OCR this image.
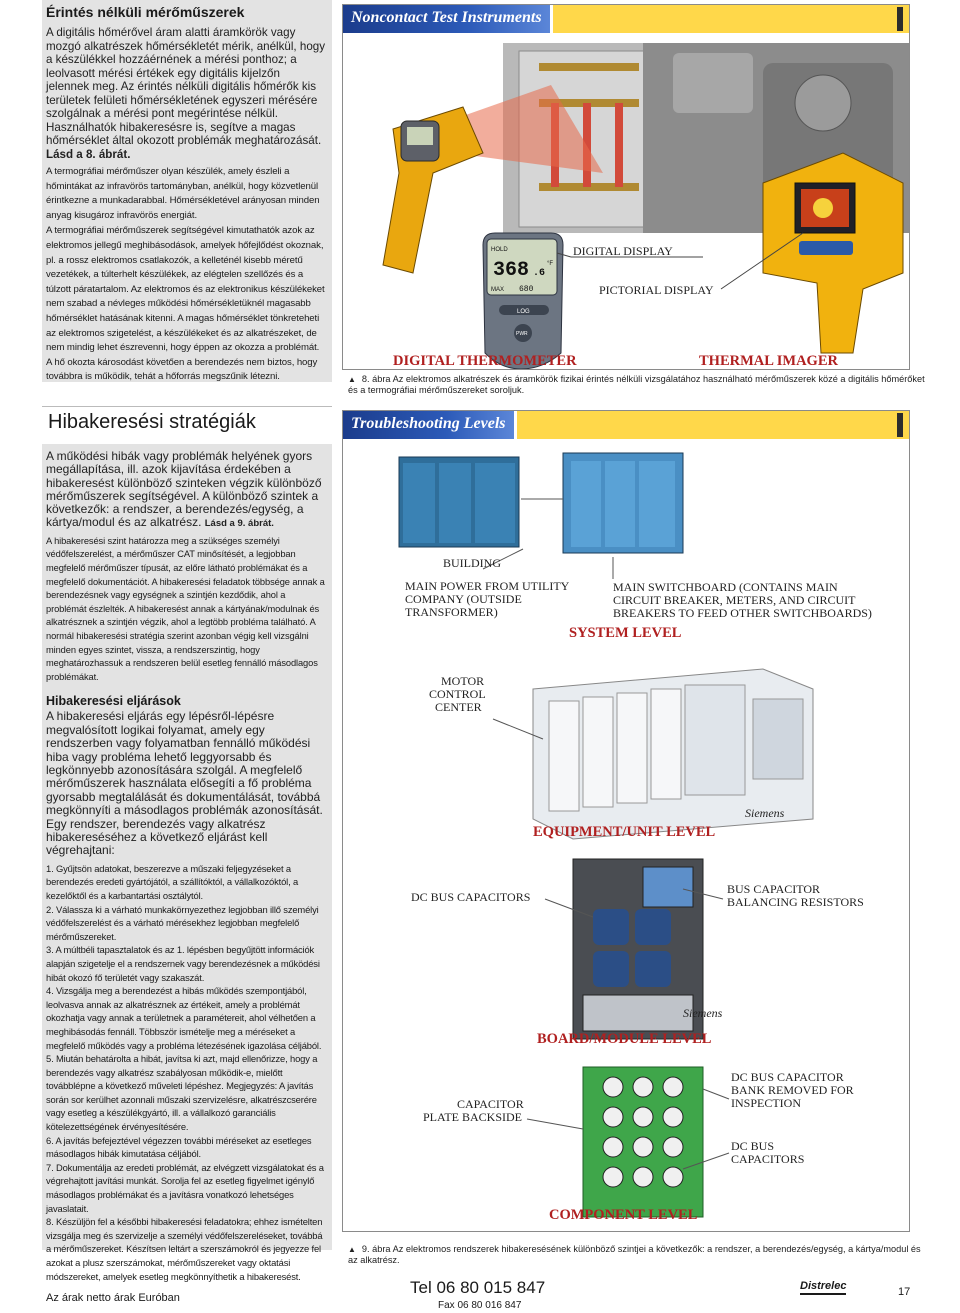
Érintés nélküli mérőműszerek

A digitális hőmérővel áram alatti áramkörök vagy mozgó alkatrészek hőmérsékletét mérik, anélkül, hogy a készülékkel hozzáérnének a mérési ponthoz; a leolvasott mérési értékek egy digitális kijelzőn jelennek meg. Az érintés nélküli digitális hőmérők kis területek felületi hőmérsékletének egyszeri mérésére szolgálnak a mérési pont megérintése nélkül. Használhatók hibakeresésre is, segítve a magas hőmérséklet által okozott problémák meghatározását. Lásd a 8. ábrát.

A termográfiai mérőműszer olyan készülék, amely észleli a hőmintákat az infravörös tartományban, anélkül, hogy közvetlenül érintkezne a munkadarabbal. Hőmérsékletével arányosan minden anyag kisugároz infravörös energiát.

A termográfiai mérőműszerek segítségével kimutathatók azok az elektromos jellegű meghibásodások, amelyek hőfejlődést okoznak, pl. a rossz elektromos csatlakozók, a kelleténél kisebb méretű vezetékek, a túlterhelt készülékek, az elégtelen szellőzés és a túlzott páratartalom. Az elektromos és az elektronikus készülékeket nem szabad a névleges működési hőmérsékletüknél magasabb hőmérséklet hatásának kitenni. A magas hőmérséklet tönkreteheti az elektromos szigetelést, a készülékeket és az alkatrészeket, de nem mindig lehet észrevenni, hogy éppen az okozza a problémát. A hő okozta károsodást követően a berendezés nem biztos, hogy továbbra is működik, tehát a hőforrás megszűnik létezni.

Hibakeresési stratégiák

A működési hibák vagy problémák helyének gyors megállapítása, ill. azok kijavítása érdekében a hibakeresést különböző szinteken végzik különböző mérőműszerek segítségével. A különböző szintek a következők: a rendszer, a berendezés/egység, a kártya/modul és az alkatrész. Lásd a 9. ábrát.

A hibakeresési szint határozza meg a szükséges személyi védőfelszerelést, a mérőműszer CAT minősítését, a legjobban megfelelő mérőműszer típusát, az előre látható problémákat és a megfelelő dokumentációt. A hibakeresési feladatok többsége annak a berendezésnek vagy egységnek a szintjén kezdődik, ahol a problémát észlelték. A hibakeresést annak a kártyának/modulnak és alkatrésznek a szintjén végzik, ahol a legtöbb probléma található. A normál hibakeresési stratégia szerint azonban végig kell vizsgálni minden egyes szintet, vissza, a rendszerszintig, hogy meghatározhassuk a rendszeren belül esetleg fennálló másodlagos problémákat.

Hibakeresési eljárások

A hibakeresési eljárás egy lépésről-lépésre megvalósított logikai folyamat, amely egy rendszerben vagy folyamatban fennálló működési hiba vagy probléma lehető leggyorsabb és legkönnyebb azonosítására szolgál. A megfelelő mérőműszerek használata elősegíti a fő probléma gyorsabb megtalálását és dokumentálását, továbbá megkönnyíti a másodlagos problémák azonosítását. Egy rendszer, berendezés vagy alkatrész hibakereséséhez a következő eljárást kell végrehajtani:

1. Gyűjtsön adatokat, beszerezve a műszaki feljegyzéseket a berendezés eredeti gyártójától, a szállítóktól, a vállalkozóktól, a kezelőktől és a karbantartási osztálytól.

2. Válassza ki a várható munkakörnyezethez legjobban illő személyi védőfelszerelést és a várható mérésekhez legjobban megfelelő mérőműszereket.

3. A múltbéli tapasztalatok és az 1. lépésben begyűjtött információk alapján szigetelje el a rendszernek vagy berendezésnek a működési hibát okozó fő területét vagy szakaszát.

4. Vizsgálja meg a berendezést a hibás működés szempontjából, leolvasva annak az alkatrésznek az értékeit, amely a problémát okozhatja vagy annak a területnek a paramétereit, ahol vélhetően a meghibásodás fennáll. Többször ismételje meg a méréseket a megfelelő működés vagy a probléma létezésének igazolása céljából.

5. Miután behatárolta a hibát, javítsa ki azt, majd ellenőrizze, hogy a berendezés vagy alkatrész szabályosan működik-e, mielőtt továbblépne a következő műveleti lépéshez. Megjegyzés: A javítás során sor kerülhet azonnali műszaki szervizelésre, alkatrészcserére vagy esetleg a készülékgyártó, ill. a vállalkozó garanciális kötelezettségének érvényesítésére.

6. A javítás befejeztével végezzen további méréseket az esetleges másodlagos hibák kimutatása céljából.

7. Dokumentálja az eredeti problémát, az elvégzett vizsgálatokat és a végrehajtott javítási munkát. Sorolja fel az esetleg figyelmet igénylő másodlagos problémákat és a javításra vonatkozó lehetséges javaslatait.

8. Készüljön fel a későbbi hibakeresési feladatokra; ehhez ismételten vizsgálja meg és szervizelje a személyi védőfelszereléseket, továbbá a mérőműszereket. Készítsen leltárt a szerszámokról és jegyezze fel azokat a plusz szerszámokat, mérőműszereket vagy oktatási módszereket, amelyek esetleg megkönnyíthetik a hibakeresést.

Noncontact Test Instruments
HOLD
368 .6
°F
MAX 680
LOG
PWR
DIGITAL DISPLAY
PICTORIAL DISPLAY
DIGITAL THERMOMETER	THERMAL IMAGER
▲ 8. ábra Az elektromos alkatrészek és áramkörök fizikai érintés nélküli vizsgálatához használható mérőműszerek közé a digitális hőmérőket és a termográfiai mérőműszereket soroljuk.
Troubleshooting Levels
BUILDING
MAIN POWER FROM UTILITY
COMPANY (OUTSIDE
TRANSFORMER)
MAIN SWITCHBOARD (CONTAINS MAIN
CIRCUIT BREAKER, METERS, AND CIRCUIT
BREAKERS TO FEED OTHER SWITCHBOARDS)
SYSTEM LEVEL
MOTOR
CONTROL
CENTER
Siemens
EQUIPMENT/UNIT LEVEL
DC BUS CAPACITORS
BUS CAPACITOR
BALANCING RESISTORS
Siemens
BOARD/MODULE LEVEL
CAPACITOR
PLATE BACKSIDE
DC BUS CAPACITOR
BANK REMOVED FOR
INSPECTION
DC BUS
CAPACITORS
COMPONENT LEVEL
▲ 9. ábra Az elektromos rendszerek hibakeresésének különböző szintjei a következők: a rendszer, a berendezés/egység, a kártya/modul és az alkatrész.
Az árak netto árak Euróban
Tel 06 80 015 847
Fax 06 80 016 847
Distrelec	17
